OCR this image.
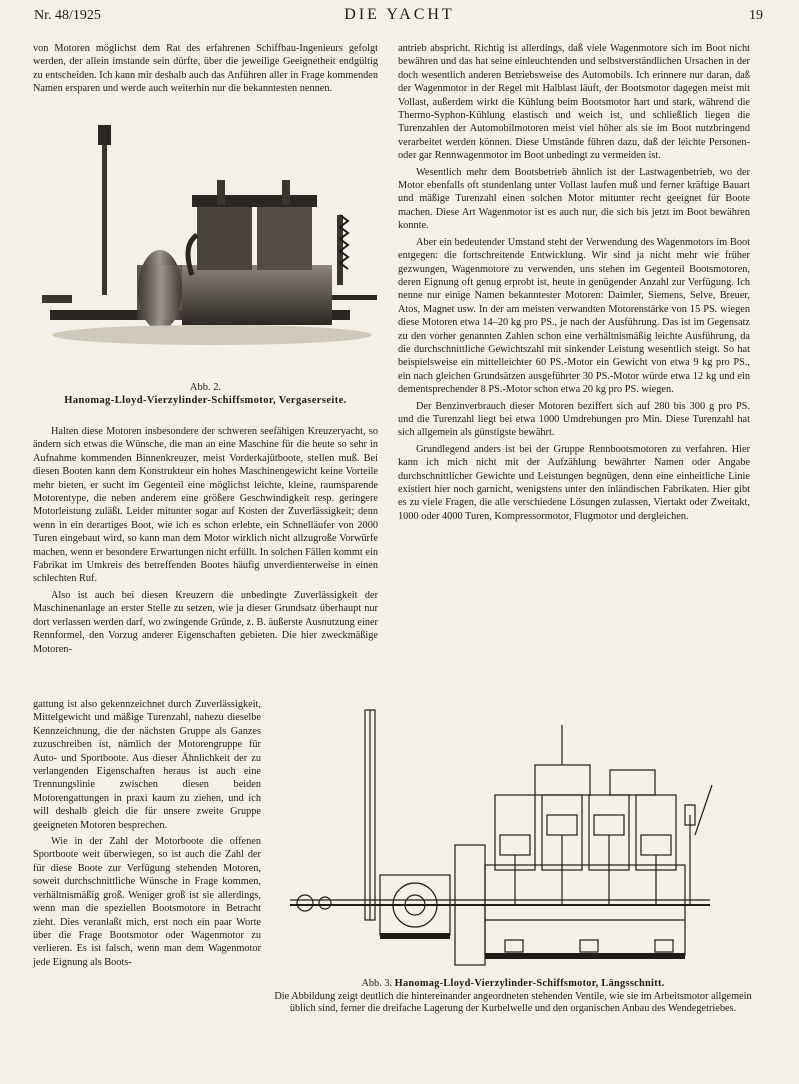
Nr. 48/1925	DIE YACHT	19

von Motoren möglichst dem Rat des erfahrenen Schiffbau-Ingenieurs gefolgt werden, der allein imstande sein dürfte, über die jeweilige Geeignetheit endgültig zu entscheiden. Ich kann mir deshalb auch das Anführen aller in Frage kommenden Namen ersparen und werde auch weiterhin nur die bekanntesten nennen.

Abb. 2.
Hanomag-Lloyd-Vierzylinder-Schiffsmotor, Vergaserseite.

Halten diese Motoren insbesondere der schweren seefähigen Kreuzeryacht, so ändern sich etwas die Wünsche, die man an eine Maschine für die heute so sehr in Aufnahme kommenden Binnenkreuzer, meist Vorderkajütboote, stellen muß. Bei diesen Booten kann dem Konstrukteur ein hohes Maschinengewicht keine Vorteile mehr bieten, er sucht im Gegenteil eine möglichst leichte, kleine, raumsparende Motorentype, die neben anderem eine größere Geschwindigkeit resp. geringere Motorleistung zuläßt. Leider mitunter sogar auf Kosten der Zuverlässigkeit; denn wenn in ein derartiges Boot, wie ich es schon erlebte, ein Schnelläufer von 2000 Turen eingebaut wird, so kann man dem Motor wirklich nicht allzugroße Vorwürfe machen, wenn er besondere Erwartungen nicht erfüllt. In solchen Fällen kommt ein Fabrikat im Umkreis des betreffenden Bootes häufig unverdienterweise in einen schlechten Ruf.

Also ist auch bei diesen Kreuzern die unbedingte Zuverlässigkeit der Maschinenanlage an erster Stelle zu setzen, wie ja dieser Grundsatz überhaupt nur dort verlassen werden darf, wo zwingende Gründe, z. B. äußerste Ausnutzung einer Rennformel, den Vorzug anderer Eigenschaften gebieten. Die hier zweckmäßige Motoren-

gattung ist also gekennzeichnet durch Zuverlässigkeit, Mittelgewicht und mäßige Turenzahl, nahezu dieselbe Kennzeichnung, die der nächsten Gruppe als Ganzes zuzuschreiben ist, nämlich der Motorengruppe für Auto- und Sportboote. Aus dieser Ähnlichkeit der zu verlangenden Eigenschaften heraus ist auch eine Trennungslinie zwischen diesen beiden Motorengattungen in praxi kaum zu ziehen, und ich will deshalb gleich die für unsere zweite Gruppe geeigneten Motoren besprechen.

Wie in der Zahl der Motorboote die offenen Sportboote weit überwiegen, so ist auch die Zahl der für diese Boote zur Verfügung stehenden Motoren, soweit durchschnittliche Wünsche in Frage kommen, verhältnismäßig groß. Weniger groß ist sie allerdings, wenn man die speziellen Bootsmotore in Betracht zieht. Dies veranlaßt mich, erst noch ein paar Worte über die Frage Bootsmotor oder Wagenmotor zu verlieren. Es ist falsch, wenn man dem Wagenmotor jede Eignung als Boots-

antrieb abspricht. Richtig ist allerdings, daß viele Wagenmotore sich im Boot nicht bewähren und das hat seine einleuchtenden und selbstverständlichen Ursachen in der doch wesentlich anderen Betriebsweise des Automobils. Ich erinnere nur daran, daß der Wagenmotor in der Regel mit Halblast läuft, der Bootsmotor dagegen meist mit Vollast, außerdem wirkt die Kühlung beim Bootsmotor hart und stark, während die Thermo-Syphon-Kühlung elastisch und weich ist, und schließlich liegen die Turenzahlen der Automobilmotoren meist viel höher als sie im Boot nutzbringend verarbeitet werden können. Diese Umstände führen dazu, daß der leichte Personen- oder gar Rennwagenmotor im Boot unbedingt zu vermeiden ist.

Wesentlich mehr dem Bootsbetrieb ähnlich ist der Lastwagenbetrieb, wo der Motor ebenfalls oft stundenlang unter Vollast laufen muß und ferner kräftige Bauart und mäßige Turenzahl einen solchen Motor mitunter recht geeignet für Boote machen. Diese Art Wagenmotor ist es auch nur, die sich bis jetzt im Boot bewähren konnte.

Aber ein bedeutender Umstand steht der Verwendung des Wagenmotors im Boot entgegen: die fortschreitende Entwicklung. Wir sind ja nicht mehr wie früher gezwungen, Wagenmotore zu verwenden, uns stehen im Gegenteil Bootsmotoren, deren Eignung oft genug erprobt ist, heute in genügender Anzahl zur Verfügung. Ich nenne nur einige Namen bekanntester Motoren: Daimler, Siemens, Selve, Breuer, Atos, Magnet usw. In der am meisten verwandten Motorenstärke von 15 PS. wiegen diese Motoren etwa 14–20 kg pro PS., je nach der Ausführung. Das ist im Gegensatz zu den vorher genannten Zahlen schon eine verhältnismäßig leichte Ausführung, da die durchschnittliche Gewichtszahl mit sinkender Leistung wesentlich steigt. So hat beispielsweise ein mittelleichter 60 PS.-Motor ein Gewicht von etwa 9 kg pro PS., ein nach gleichen Grundsätzen ausgeführter 30 PS.-Motor würde etwa 12 kg und ein dementsprechender 8 PS.-Motor schon etwa 20 kg pro PS. wiegen.

Der Benzinverbrauch dieser Motoren beziffert sich auf 280 bis 300 g pro PS. und die Turenzahl liegt bei etwa 1000 Umdrehungen pro Min. Diese Turenzahl hat sich allgemein als günstigste bewährt.

Grundlegend anders ist bei der Gruppe Rennbootsmotoren zu verfahren. Hier kann ich mich nicht mit der Aufzählung bewährter Namen oder Angabe durchschnittlicher Gewichte und Leistungen begnügen, denn eine einheitliche Linie existiert hier noch garnicht, wenigstens unter den inländischen Fabrikaten. Hier gibt es zu viele Fragen, die alle verschiedene Lösungen zulassen, Viertakt oder Zweitakt, 1000 oder 4000 Turen, Kompressormotor, Flugmotor und dergleichen.

Abb. 3. Hanomag-Lloyd-Vierzylinder-Schiffsmotor, Längsschnitt.
Die Abbildung zeigt deutlich die hintereinander angeordneten stehenden Ventile, wie sie im Arbeitsmotor allgemein üblich sind, ferner die dreifache Lagerung der Kurbelwelle und den organischen Anbau des Wendegetriebes.
